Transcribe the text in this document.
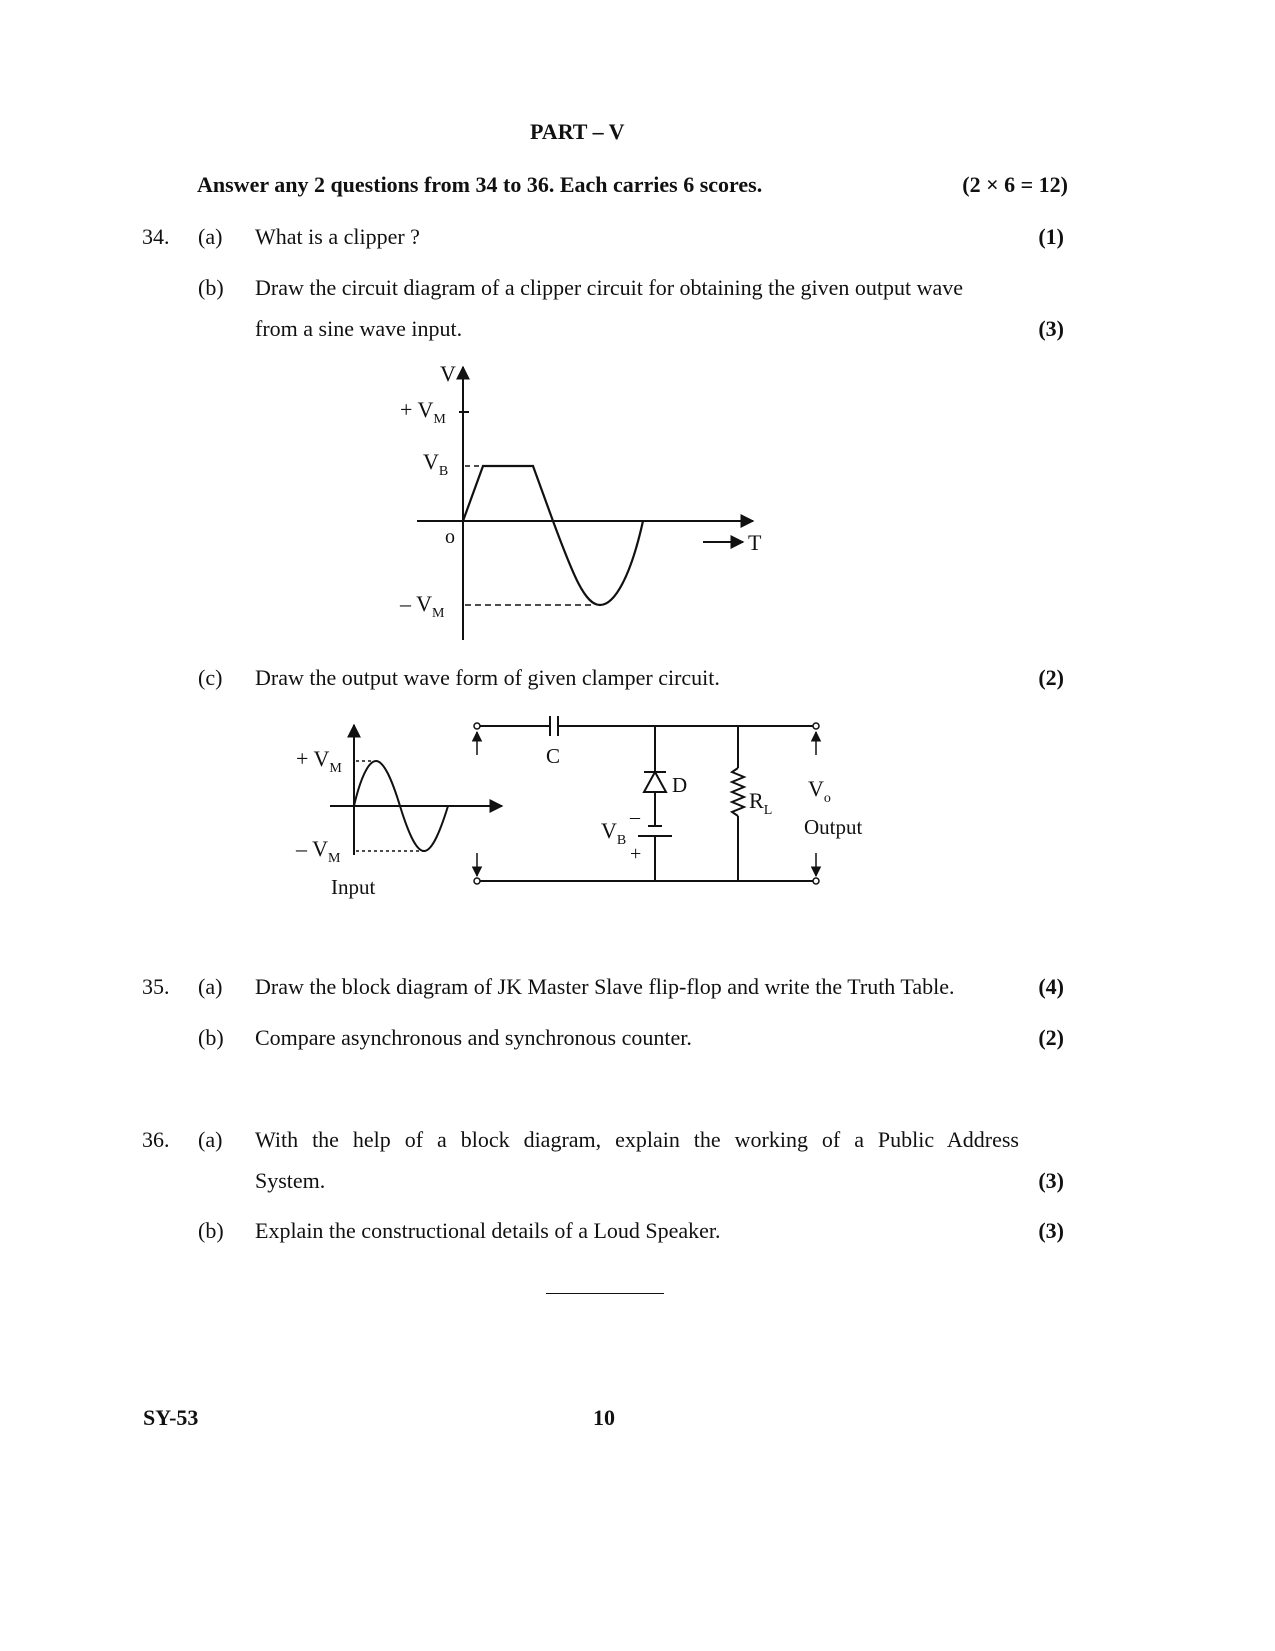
PART – V
Answer any 2 questions from 34 to 36. Each carries 6 scores.	(2 × 6 = 12)
34. (a) What is a clipper ?	(1)
(b) Draw the circuit diagram of a clipper circuit for obtaining the given output wave
from a sine wave input.	(3)
V
+ $V_M$
$V_B$
o	T
– $V_M$
(c) Draw the output wave form of given clamper circuit.	(2)
+ $V_M$
– $V_M$
Input
C
D
–
+
$V_B$
$R_L$
$V_o$
Output
35. (a) Draw the block diagram of JK Master Slave flip-flop and write the Truth Table.	(4)
(b) Compare asynchronous and synchronous counter.	(2)
36. (a) With the help of a block diagram, explain the working of a Public Address
System.	(3)
(b) Explain the constructional details of a Loud Speaker.	(3)
SY-53	10
